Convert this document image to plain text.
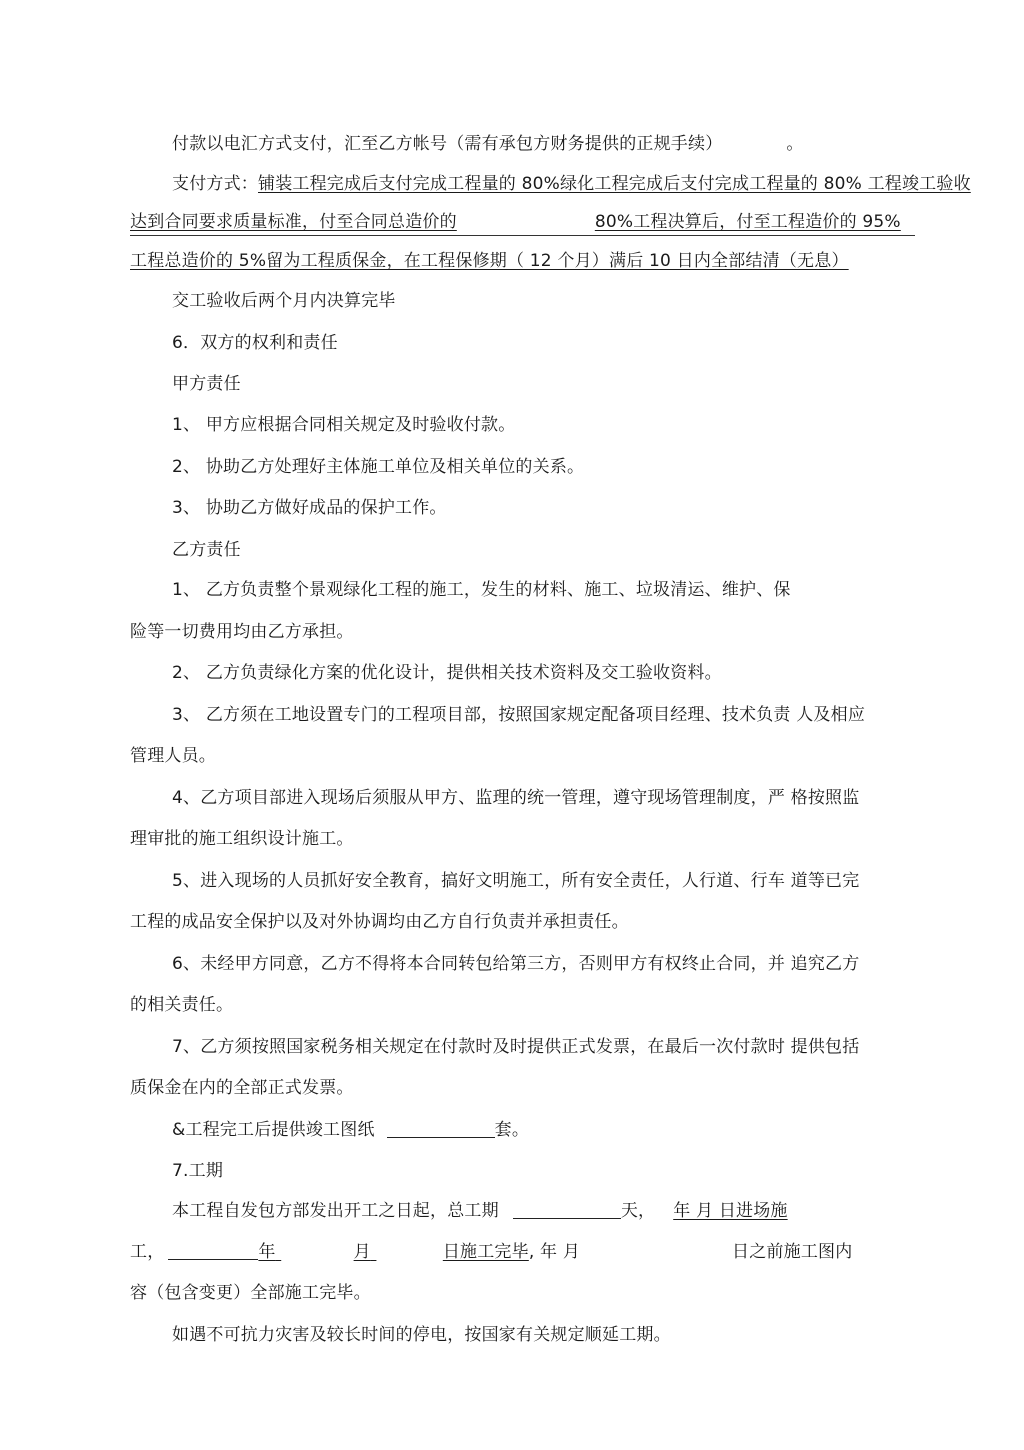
付款以电汇方式支付，汇至乙方帐号（需有承包方财务提供的正规手续）	。
支付方式：铺装工程完成后支付完成工程量的 80%绿化工程完成后支付完成工程量的 80% 工程竣工验收
达到合同要求质量标准，付至合同总造价的	80%工程决算后，付至工程造价的 95%
工程总造价的 5%留为工程质保金，在工程保修期（ 12 个月）满后 10 日内全部结清（无息）
交工验收后两个月内决算完毕
6．双方的权利和责任
甲方责任
1、 甲方应根据合同相关规定及时验收付款。
2、 协助乙方处理好主体施工单位及相关单位的关系。
3、 协助乙方做好成品的保护工作。
乙方责任
1、 乙方负责整个景观绿化工程的施工，发生的材料、施工、垃圾清运、维护、保
险等一切费用均由乙方承担。
2、 乙方负责绿化方案的优化设计，提供相关技术资料及交工验收资料。
3、 乙方须在工地设置专门的工程项目部，按照国家规定配备项目经理、技术负责 人及相应
管理人员。
4、乙方项目部进入现场后须服从甲方、监理的统一管理，遵守现场管理制度，严 格按照监
理审批的施工组织设计施工。
5、进入现场的人员抓好安全教育，搞好文明施工，所有安全责任，人行道、行车 道等已完
工程的成品安全保护以及对外协调均由乙方自行负责并承担责任。
6、未经甲方同意，乙方不得将本合同转包给第三方，否则甲方有权终止合同，并 追究乙方
的相关责任。
7、乙方须按照国家税务相关规定在付款时及时提供正式发票，在最后一次付款时 提供包括
质保金在内的全部正式发票。
&工程完工后提供竣工图纸	套。
7.工期
本工程自发包方部发出开工之日起，总工期	天， 年 月 日进场施
工，	年	月	日施工完毕, 年 月	日之前施工图内
容（包含变更）全部施工完毕。
如遇不可抗力灾害及较长时间的停电，按国家有关规定顺延工期。
